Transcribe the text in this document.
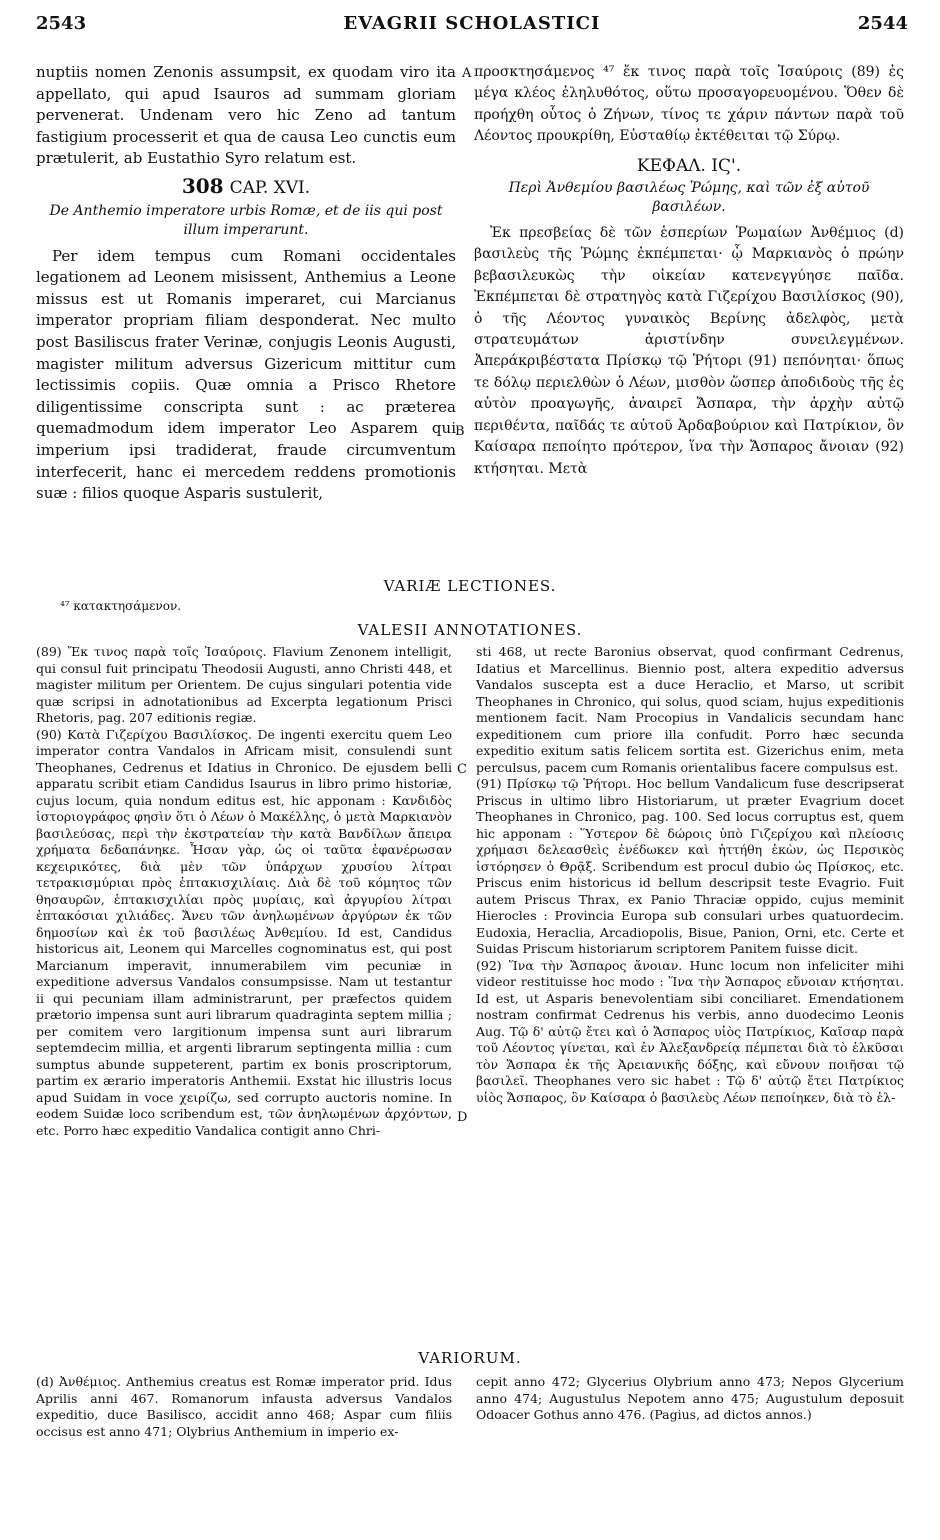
2543	EVAGRII SCHOLASTICI	2544

nuptiis nomen Zenonis assumpsit, ex quodam viro ita appellato, qui apud Isauros ad summam gloriam pervenerat. Undenam vero hic Zeno ad tantum fastigium processerit et qua de causa Leo cunctis eum prætulerit, ab Eustathio Syro relatum est.

308 CAP. XVI.

De Anthemio imperatore urbis Romæ, et de iis qui post illum imperarunt.

Per idem tempus cum Romani occidentales legationem ad Leonem misissent, Anthemius a Leone missus est ut Romanis imperaret, cui Marcianus imperator propriam filiam desponderat. Nec multo post Basiliscus frater Verinæ, conjugis Leonis Augusti, magister militum adversus Gizericum mittitur cum lectissimis copiis. Quæ omnia a Prisco Rhetore diligentissime conscripta sunt : ac præterea quemadmodum idem imperator Leo Asparem qui imperium ipsi tradiderat, fraude circumventum interfecerit, hanc ei mercedem reddens promotionis suæ : filios quoque Asparis sustulerit,

προσκτησάμενος ⁴⁷ ἔκ τινος παρὰ τοῖς Ἰσαύροις (89) ἐς μέγα κλέος ἐληλυθότος, οὕτω προσαγορευομένου. Ὅθεν δὲ προήχθη οὗτος ὁ Ζήνων, τίνος τε χάριν πάντων παρὰ τοῦ Λέοντος προυκρίθη, Εὐσταθίῳ ἐκτέθειται τῷ Σύρῳ.

ΚΕΦΑΛ. ΙϚ'.

Περὶ Ἀνθεμίου βασιλέως Ῥώμης, καὶ τῶν ἐξ αὐτοῦ βασιλέων.

Ἐκ πρεσβείας δὲ τῶν ἑσπερίων Ῥωμαίων Ἀνθέμιος (d) βασιλεὺς τῆς Ῥώμης ἐκπέμπεται· ᾧ Μαρκιανὸς ὁ πρώην βεβασιλευκὼς τὴν οἰκείαν κατενεγγύησε παῖδα. Ἐκπέμπεται δὲ στρατηγὸς κατὰ Γιζερίχου Βασιλίσκος (90), ὁ τῆς Λέοντος γυναικὸς Βερίνης ἀδελφὸς, μετὰ στρατευμάτων ἀριστίνδην συνειλεγμένων. Ἀπεράκριβέστατα Πρίσκῳ τῷ Ῥήτορι (91) πεπόνηται· ὅπως τε δόλῳ περιελθὼν ὁ Λέων, μισθὸν ὥσπερ ἀποδιδοὺς τῆς ἐς αὐτὸν προαγωγῆς, ἀναιρεῖ Ἄσπαρα, τὴν ἀρχὴν αὐτῷ περιθέντα, παῖδάς τε αὐτοῦ Ἀρδαβούριον καὶ Πατρίκιον, ὃν Καίσαρα πεποίητο πρότερον, ἵνα τὴν Ἄσπαρος ἄνοιαν (92) κτήσηται. Μετὰ

A
B
C
D
VARIÆ LECTIONES.
⁴⁷ κατακτησάμενον.
VALESII ANNOTATIONES.

(89) Ἔκ τινος παρὰ τοῖς Ἰσαύροις. Flavium Zenonem intelligit, qui consul fuit principatu Theodosii Augusti, anno Christi 448, et magister militum per Orientem. De cujus singulari potentia vide quæ scripsi in adnotationibus ad Excerpta legationum Prisci Rhetoris, pag. 207 editionis regiæ.
(90) Κατὰ Γιζερίχου Βασιλίσκος. De ingenti exercitu quem Leo imperator contra Vandalos in Africam misit, consulendi sunt Theophanes, Cedrenus et Idatius in Chronico. De ejusdem belli apparatu scribit etiam Candidus Isaurus in libro primo historiæ, cujus locum, quia nondum editus est, hic apponam : Κανδιδὸς ἱστοριογράφος φησὶν ὅτι ὁ Λέων ὁ Μακέλλης, ὁ μετὰ Μαρκιανὸν βασιλεύσας, περὶ τὴν ἐκστρατείαν τὴν κατὰ Βανδίλων ἄπειρα χρήματα δεδαπάνηκε. Ἦσαν γὰρ, ὡς οἱ ταῦτα ἐφανέρωσαν κεχειρικότες, διὰ μὲν τῶν ὑπάρχων χρυσίου λίτραι τετρακισμύριαι πρὸς ἑπτακισχιλίαις. Διὰ δὲ τοῦ κόμητος τῶν θησαυρῶν, ἑπτακισχιλίαι πρὸς μυρίαις, καὶ ἀργυρίου λίτραι ἑπτακόσιαι χιλιάδες. Ἄνευ τῶν ἀνηλωμένων ἀργύρων ἐκ τῶν δημοσίων καὶ ἐκ τοῦ βασιλέως Ἀνθεμίου. Id est, Candidus historicus ait, Leonem qui Marcelles cognominatus est, qui post Marcianum imperavit, innumerabilem vim pecuniæ in expeditione adversus Vandalos consumpsisse. Nam ut testantur ii qui pecuniam illam administrarunt, per præfectos quidem prætorio impensa sunt auri librarum quadraginta septem millia ; per comitem vero largitionum impensa sunt auri librarum septemdecim millia, et argenti librarum septingenta millia : cum sumptus abunde suppeterent, partim ex bonis proscriptorum, partim ex ærario imperatoris Anthemii. Exstat hic illustris locus apud Suidam in voce χειρίζω, sed corrupto auctoris nomine. In eodem Suidæ loco scribendum est, τῶν ἀνηλωμένων ἀρχόντων, etc. Porro hæc expeditio Vandalica contigit anno Chri-

sti 468, ut recte Baronius observat, quod confirmant Cedrenus, Idatius et Marcellinus. Biennio post, altera expeditio adversus Vandalos suscepta est a duce Heraclio, et Marso, ut scribit Theophanes in Chronico, qui solus, quod sciam, hujus expeditionis mentionem facit. Nam Procopius in Vandalicis secundam hanc expeditionem cum priore illa confudit. Porro hæc secunda expeditio exitum satis felicem sortita est. Gizerichus enim, meta perculsus, pacem cum Romanis orientalibus facere compulsus est.
(91) Πρίσκῳ τῷ Ῥήτορι. Hoc bellum Vandalicum fuse descripserat Priscus in ultimo libro Historiarum, ut præter Evagrium docet Theophanes in Chronico, pag. 100. Sed locus corruptus est, quem hic apponam : Ὕστερον δὲ δώροις ὑπὸ Γιζερίχου καὶ πλείοσις χρήμασι δελεασθεὶς ἐνέδωκεν καὶ ἡττήθη ἑκὼν, ὡς Περσικὸς ἱστόρησεν ὁ Θρᾷξ. Scribendum est procul dubio ὡς Πρίσκος, etc. Priscus enim historicus id bellum descripsit teste Evagrio. Fuit autem Priscus Thrax, ex Panio Thraciæ oppido, cujus meminit Hierocles : Provincia Europa sub consulari urbes quatuordecim. Eudoxia, Heraclia, Arcadiopolis, Bisue, Panion, Orni, etc. Certe et Suidas Priscum historiarum scriptorem Panitem fuisse dicit.
(92) Ἵνα τὴν Ἄσπαρος ἄνοιαν. Hunc locum non infeliciter mihi videor restituisse hoc modo : Ἵνα τὴν Ἄσπαρος εὔνοιαν κτήσηται. Id est, ut Asparis benevolentiam sibi conciliaret. Emendationem nostram confirmat Cedrenus his verbis, anno duodecimo Leonis Aug. Τῷ δ' αὐτῷ ἔτει καὶ ὁ Ἄσπαρος υἱὸς Πατρίκιος, Καῖσαρ παρὰ τοῦ Λέοντος γίνεται, καὶ ἐν Ἀλεξανδρείᾳ πέμπεται διὰ τὸ ἑλκῦσαι τὸν Ἄσπαρα ἐκ τῆς Ἀρειανικῆς δόξης, καὶ εὔνουν ποιῆσαι τῷ βασιλεῖ. Theophanes vero sic habet : Τῷ δ' αὐτῷ ἔτει Πατρίκιος υἱὸς Ἄσπαρος, ὃν Καίσαρα ὁ βασιλεὺς Λέων πεποίηκεν, διὰ τὸ ἑλ-

VARIORUM.

(d) Ἀνθέμιος. Anthemius creatus est Romæ imperator prid. Idus Aprilis anni 467. Romanorum infausta adversus Vandalos expeditio, duce Basilisco, accidit anno 468; Aspar cum filiis occisus est anno 471; Olybrius Anthemium in imperio ex-

cepit anno 472; Glycerius Olybrium anno 473; Nepos Glycerium anno 474; Augustulus Nepotem anno 475; Augustulum deposuit Odoacer Gothus anno 476. (Pagius, ad dictos annos.)
